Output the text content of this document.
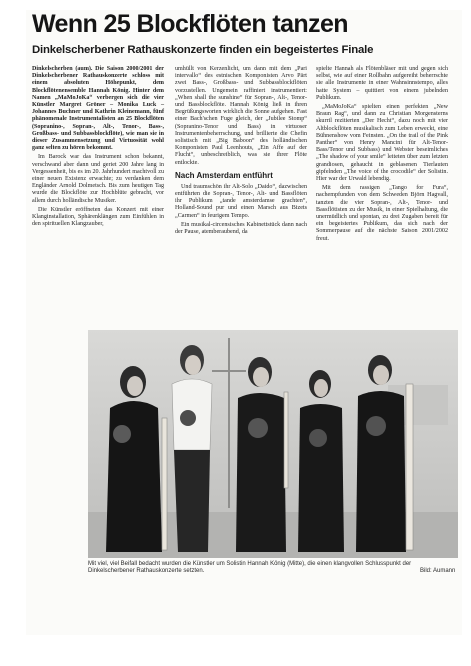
Wenn 25 Blockflöten tanzen
Dinkelscherbener Rathauskonzerte finden ein begeistertes Finale

Dinkelscherben (aum). Die Saison 2000/2001 der Dinkelscherbener Rathauskonzerte schloss mit einem absoluten Höhepunkt, dem Blockflötenensemble Hannah König. Hinter dem Namen „MaMoJoKa“ verbergen sich die vier Künstler Margret Gröner – Monika Luck – Johannes Buchner und Kathrin Kleinemann, fünf phänomenale Instrumentalisten an 25 Blockflöten (Sopranino-, Sopran-, Alt-, Tenor-, Bass-, Großbass- und Subbassblockflöte), wie man sie in dieser Zusammensetzung und Virtuosität wohl ganz selten zu hören bekommt.

Im Barock war das Instrument schon bekannt, verschwand aber dann und geriet 200 Jahre lang in Vergessenheit, bis es im 20. Jahrhundert machtvoll zu einer neuen Existenz erwachte; zu verdanken dem Engländer Arnold Dolmetsch. Bis zum heutigen Tag wurde die Blockflöte zur Hochblüte gebracht, vor allem durch holländische Musiker.

Die Künstler eröffneten das Konzert mit einer Klanginstallation, Sphärenklängen zum Einfühlen in den spirituellen Klangzauber,

umhüllt von Kerzenlicht, um dann mit dem „Pari intervallo“ des estnischen Komponisten Arvo Pärt zwei Bass-, Großbass- und Subbassblockflöten vorzustellen. Ungemein raffiniert instrumentiert: „When shall the sunshine“ für Sopran-, Alt-, Tenor- und Bassblockflöte. Hannah König ließ in ihren Begrüßungsworten wirklich die Sonne aufgehen. Fast einer Bach'schen Fuge gleich, der „Jubilee Stomp“ (Sopranino-Tenor und Bass) in virtuoser Instrumentenbeherrschung, und brillierte die Chefin solistisch mit „Big Baboon“ des holländischen Komponisten Paul Leenhouts, „Ein Affe auf der Flucht“, unbeschreiblich, was sie ihrer Flöte entlockte.

Nach Amsterdam entführt

Und traumschön ihr Alt-Solo „Daido“, dazwischen entführten die Sopran-, Tenor-, Alt- und Bassflöten ihr Publikum „tande amsterdamse grachten“, Holland-Sound pur und einen Marsch aus Bizets „Carmen“ in feurigem Tempo.

Ein musikal-circensisches Kabinettstück dann nach der Pause, atemberaubend, da

spielte Hannah als Flötenbläser mit und gegen sich selbst, wie auf einer Rollbahn aufgereiht beherrschte sie alle Instrumente in einer Wahnsinnstempo, alles hatte System – quittiert von einem jubelnden Publikum.

„MaMoJoKa“ spielten einen perfekten „New Braun Rag“, und dann zu Christian Morgensterns skurril rezitierten „Der Hecht“, dazu noch mit vier Altblockflöten musikalisch zum Leben erweckt, eine Bühnenshow vom Feinsten. „On the trail of the Pink Panther“ von Henry Mancini für Alt-Tenor-Bass/Tenor und Subbass) und Webster beseimliches „The shadow of your smile“ leiteten über zum letzten grandiosen, gehaucht in geblasenen Tierlauten gipfelnden „The voice of the crocodile“ der Solistin. Hier war der Urwald lebendig.

Mit dem rassigen „Tango for Fura“, nachempfunden von dem Schweden Björn Hagvall, tanzten die vier Sopran-, Alt-, Tenor- und Bassflötisten zu der Musik, in einer Spielhaltung, die unermüdlich und spontan, zu drei Zugaben bereit für ein begeistertes Publikum, das sich nach der Sommerpause auf die nächste Saison 2001/2002 freut.

Mit viel, viel Beifall bedacht wurden die Künstler um Solistin Hannah König (Mitte), die einen klangvollen Schlusspunkt der Dinkelscherbener Rathauskonzerte setzten.	Bild: Aumann
